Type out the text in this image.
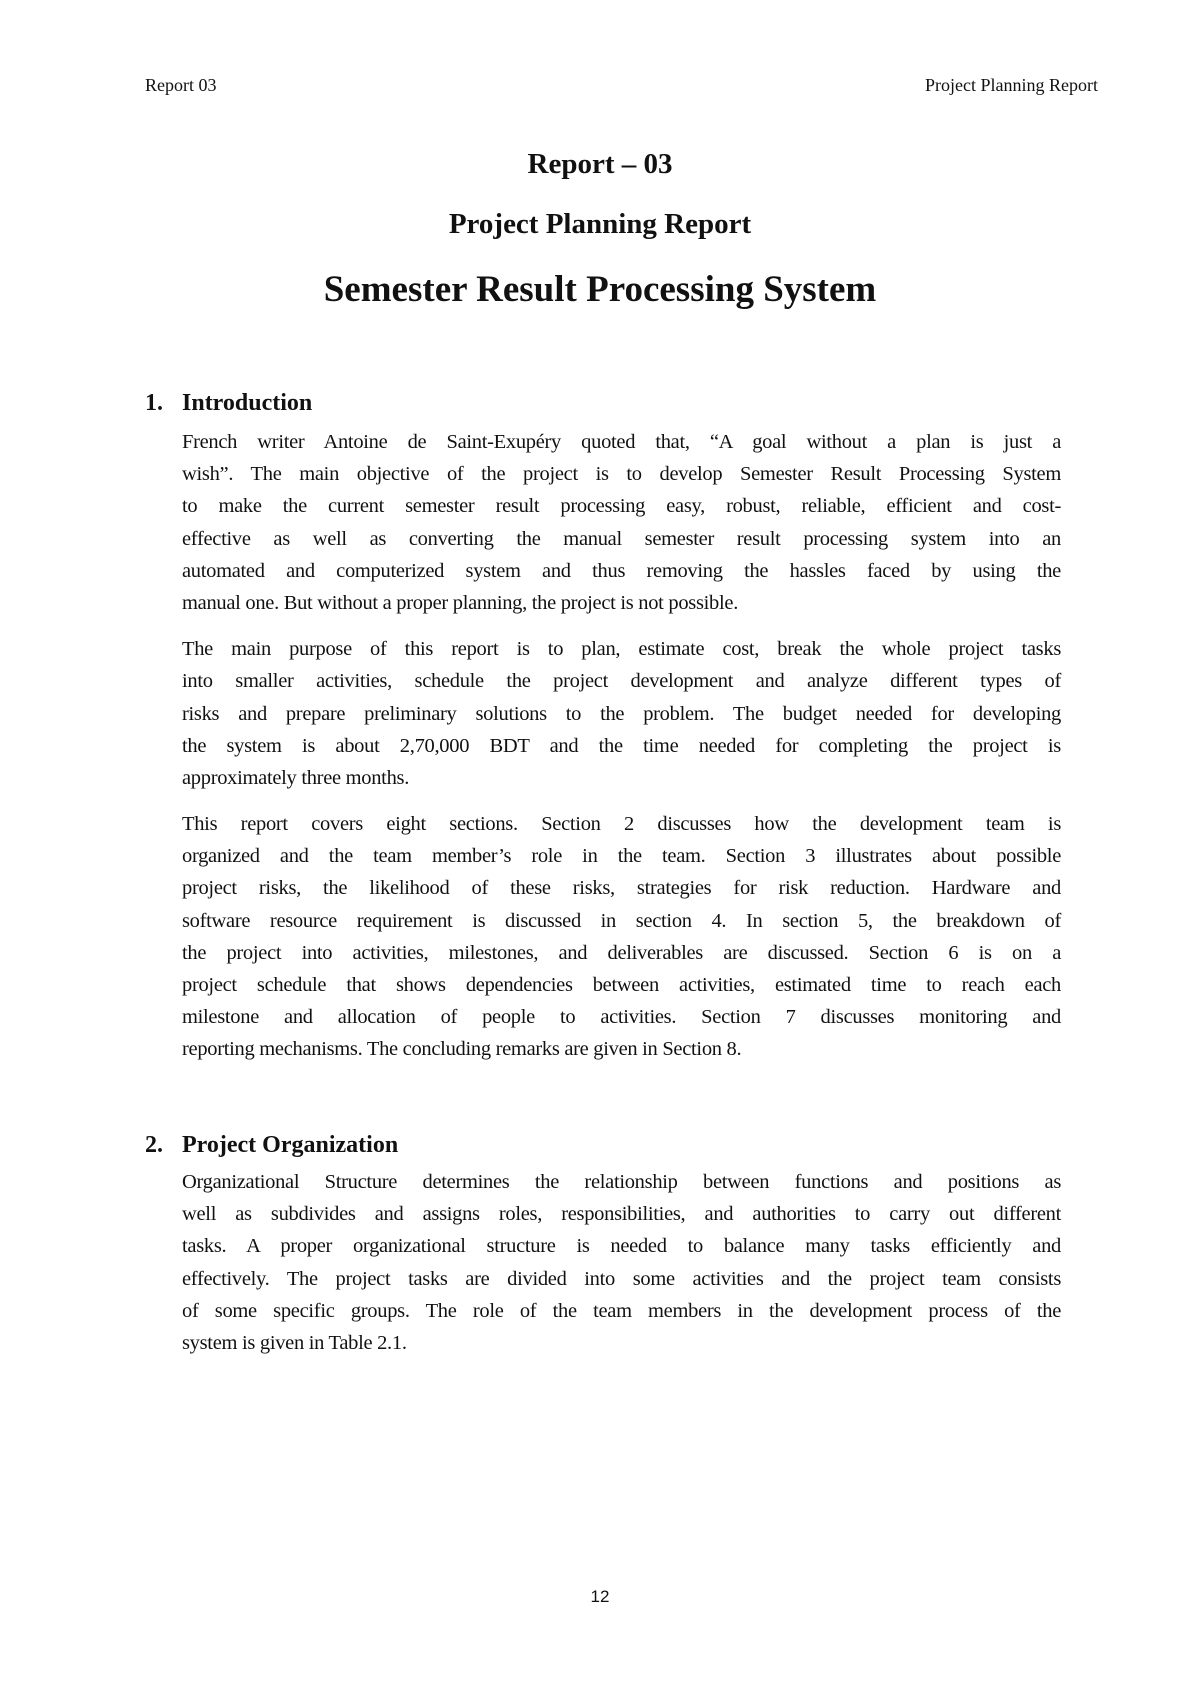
Report 03	Project Planning Report
Report – 03
Project Planning Report
Semester Result Processing System
1. Introduction
French writer Antoine de Saint-Exupéry quoted that, “A goal without a plan is just a
wish”. The main objective of the project is to develop Semester Result Processing System
to make the current semester result processing easy, robust, reliable, efficient and cost-
effective as well as converting the manual semester result processing system into an
automated and computerized system and thus removing the hassles faced by using the
manual one. But without a proper planning, the project is not possible.
The main purpose of this report is to plan, estimate cost, break the whole project tasks
into smaller activities, schedule the project development and analyze different types of
risks and prepare preliminary solutions to the problem. The budget needed for developing
the system is about 2,70,000 BDT and the time needed for completing the project is
approximately three months.
This report covers eight sections. Section 2 discusses how the development team is
organized and the team member’s role in the team. Section 3 illustrates about possible
project risks, the likelihood of these risks, strategies for risk reduction. Hardware and
software resource requirement is discussed in section 4. In section 5, the breakdown of
the project into activities, milestones, and deliverables are discussed. Section 6 is on a
project schedule that shows dependencies between activities, estimated time to reach each
milestone and allocation of people to activities. Section 7 discusses monitoring and
reporting mechanisms. The concluding remarks are given in Section 8.
2. Project Organization
Organizational Structure determines the relationship between functions and positions as
well as subdivides and assigns roles, responsibilities, and authorities to carry out different
tasks. A proper organizational structure is needed to balance many tasks efficiently and
effectively. The project tasks are divided into some activities and the project team consists
of some specific groups. The role of the team members in the development process of the
system is given in Table 2.1.
12
